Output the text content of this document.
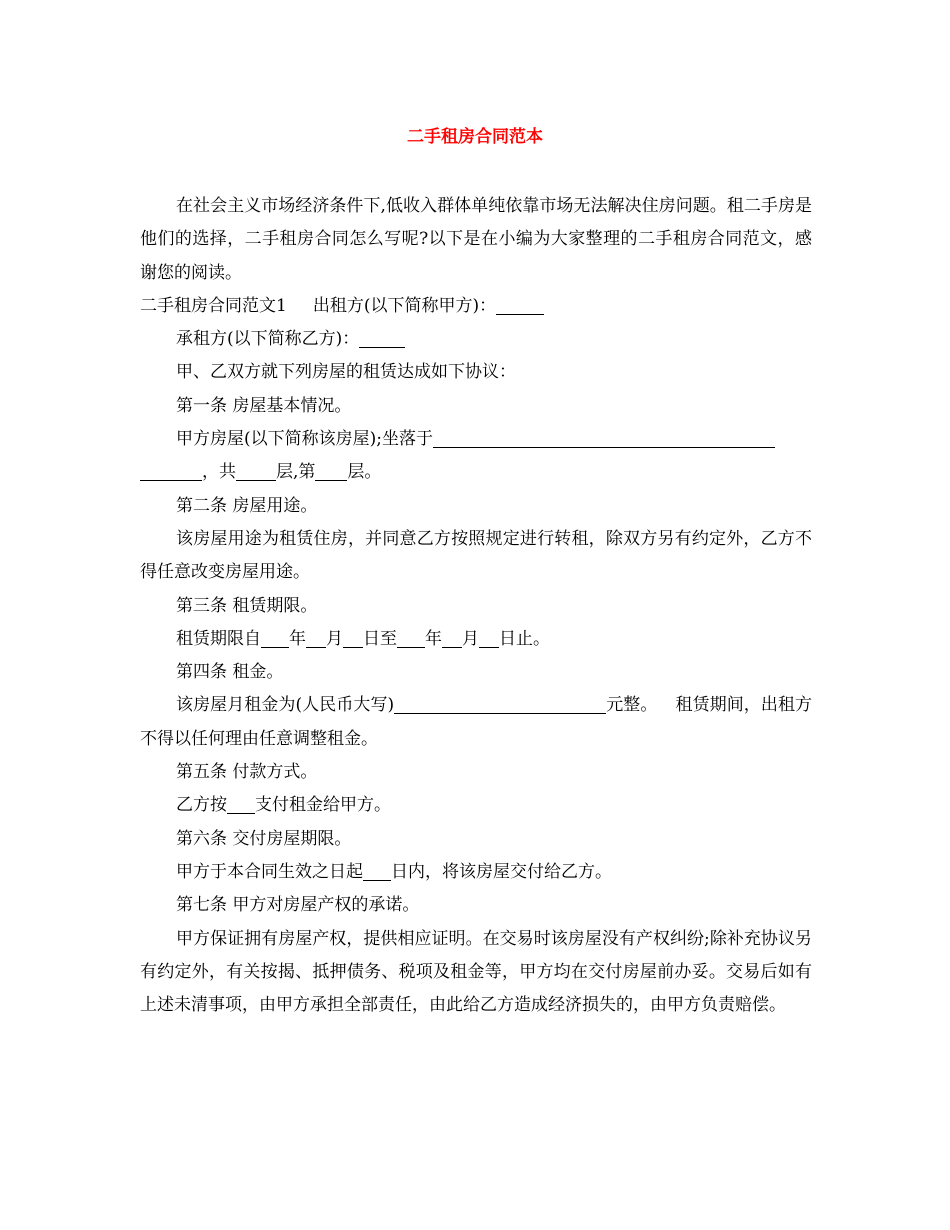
二手租房合同范本

在社会主义市场经济条件下,低收入群体单纯依靠市场无法解决住房问题。租二手房是他们的选择，二手租房合同怎么写呢?以下是在小编为大家整理的二手租房合同范文，感谢您的阅读。

二手租房合同范文1 出租方(以下简称甲方)：

承租方(以下简称乙方)：

甲、乙双方就下列房屋的租赁达成如下协议：

第一条 房屋基本情况。

甲方房屋(以下简称该房屋);坐落于

，共 层,第 层。

第二条 房屋用途。

该房屋用途为租赁住房，并同意乙方按照规定进行转租，除双方另有约定外，乙方不得任意改变房屋用途。

第三条 租赁期限。

租赁期限自 年 月 日至 年 月 日止。

第四条 租金。

该房屋月租金为(人民币大写)	元整。 租赁期间，出租方不得以任何理由任意调整租金。

第五条 付款方式。

乙方按 支付租金给甲方。

第六条 交付房屋期限。

甲方于本合同生效之日起 日内，将该房屋交付给乙方。

第七条 甲方对房屋产权的承诺。

甲方保证拥有房屋产权，提供相应证明。在交易时该房屋没有产权纠纷;除补充协议另有约定外，有关按揭、抵押债务、税项及租金等，甲方均在交付房屋前办妥。交易后如有上述未清事项，由甲方承担全部责任，由此给乙方造成经济损失的，由甲方负责赔偿。
